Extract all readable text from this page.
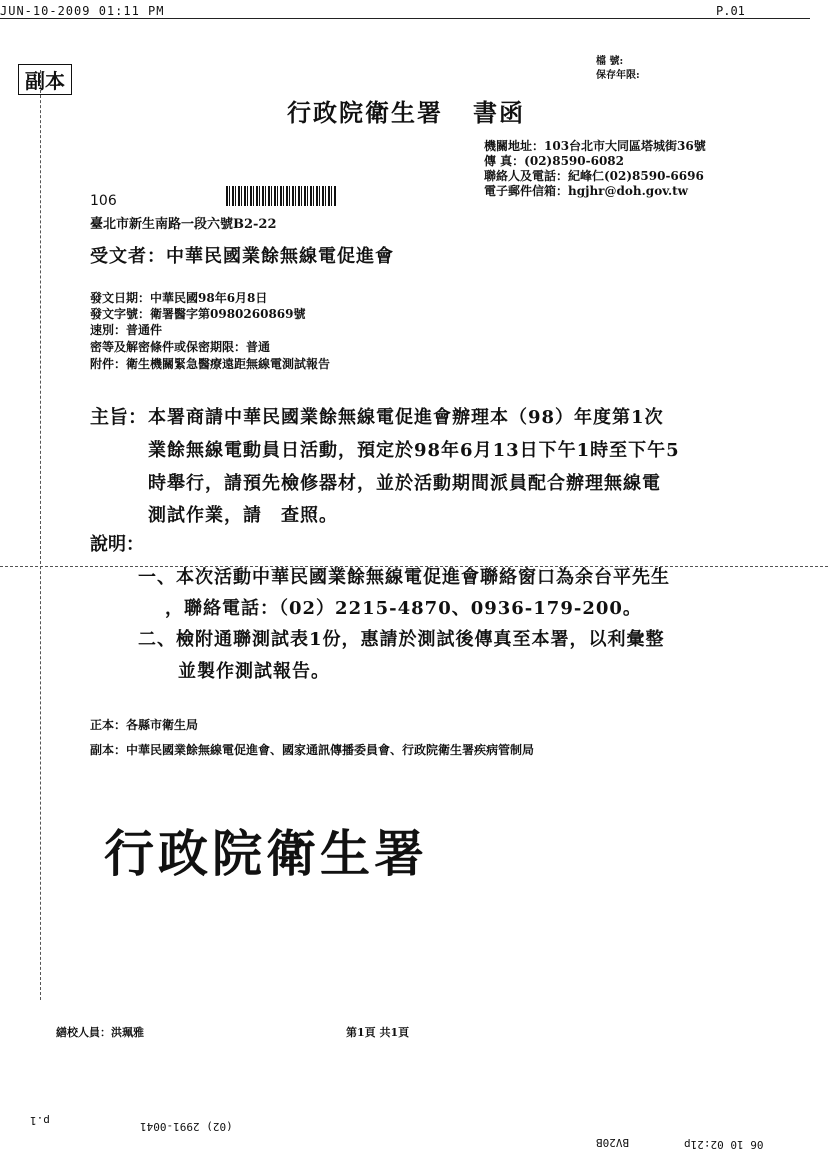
JUN-10-2009 01:11 PM	P.01
副本
檔 號:
保存年限:
行政院衛生署 書函
機關地址：103台北市大同區塔城街36號
傳 真：(02)8590-6082
聯絡人及電話：紀峰仁(02)8590-6696
電子郵件信箱：hgjhr@doh.gov.tw
106
臺北市新生南路一段六號B2-22
受文者：中華民國業餘無線電促進會
發文日期：中華民國98年6月8日
發文字號：衛署醫字第0980260869號
速別：普通件
密等及解密條件或保密期限：普通
附件：衛生機關緊急醫療遠距無線電測試報告
主旨： 本署商請中華民國業餘無線電促進會辦理本（98）年度第1次
業餘無線電動員日活動，預定於98年6月13日下午1時至下午5
時舉行，請預先檢修器材，並於活動期間派員配合辦理無線電
測試作業，請　查照。
說明：
一、本次活動中華民國業餘無線電促進會聯絡窗口為余台平先生
，聯絡電話：（02）2215-4870、0936-179-200。
二、檢附通聯測試表1份，惠請於測試後傳真至本署，以利彙整
並製作測試報告。
正本：各縣市衛生局
副本：中華民國業餘無線電促進會、國家通訊傳播委員會、行政院衛生署疾病管制局
行政院衛生署
繕校人員：洪珮雅	第1頁 共1頁
p.1	(02) 2991-0041
BV20B	06 10 02:21p
